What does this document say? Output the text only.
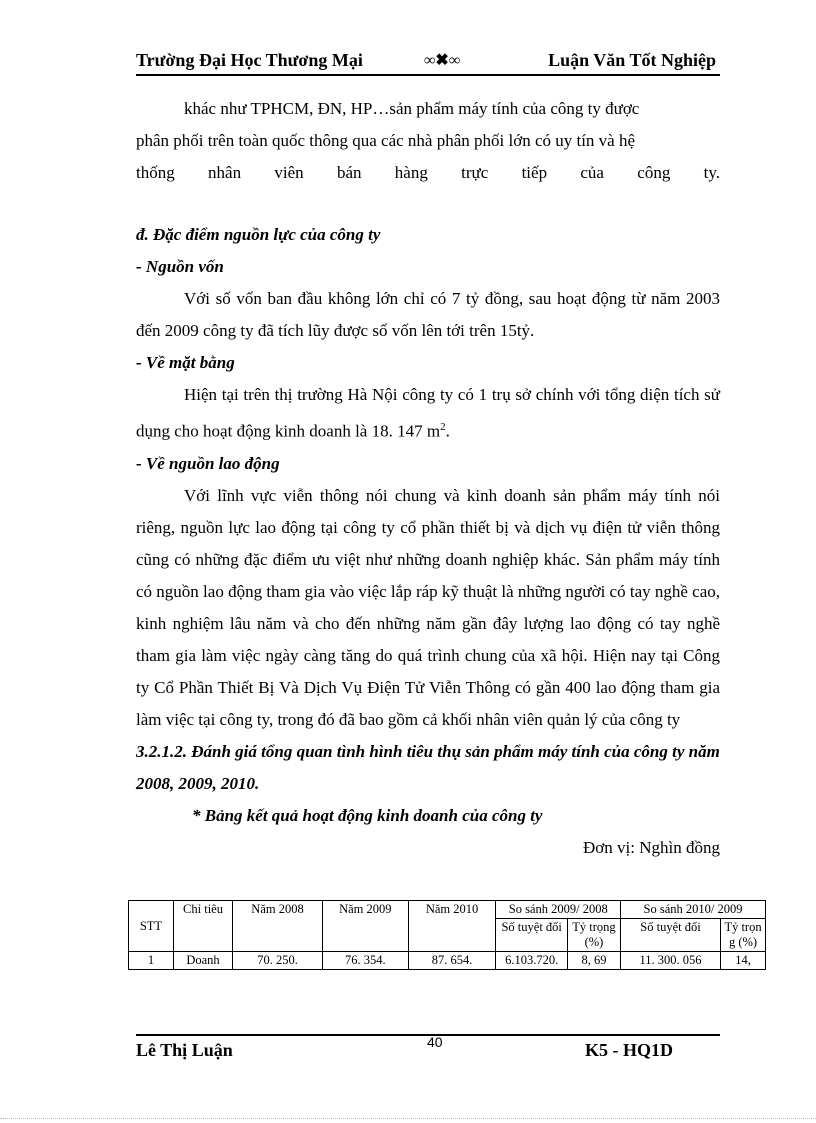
Trường Đại Học Thương Mại	∞✖∞	Luận Văn Tốt Nghiệp

khác như TPHCM, ĐN, HP…sản phẩm máy tính của công ty được

phân phối trên toàn quốc thông qua các nhà phân phối lớn có uy tín và hệ

thống nhân viên bán hàng trực tiếp của công ty.

đ. Đặc điểm nguồn lực của công ty

- Nguồn vốn

Với số vốn ban đầu không lớn chỉ có 7 tỷ đồng, sau hoạt động từ năm 2003 đến 2009 công ty đã tích lũy được số vốn lên tới trên 15tỷ.

- Về mặt bằng

Hiện tại trên thị trường Hà Nội công ty có 1 trụ sở chính với tổng diện tích sử dụng cho hoạt động kinh doanh là 18. 147 $m^2$.

- Về nguồn lao động

Với lĩnh vực viễn thông nói chung và kinh doanh sản phẩm máy tính nói riêng, nguồn lực lao động tại công ty cổ phần thiết bị và dịch vụ điện tử viễn thông cũng có những đặc điểm ưu việt như những doanh nghiệp khác. Sản phẩm máy tính có nguồn lao động tham gia vào việc lắp ráp kỹ thuật là những người có tay nghề cao, kinh nghiệm lâu năm và cho đến những năm gần đây lượng lao động có tay nghề tham gia làm việc ngày càng tăng do quá trình chung của xã hội. Hiện nay tại Công ty Cổ Phần Thiết Bị Và Dịch Vụ Điện Tử Viễn Thông có gần 400 lao động tham gia làm việc tại công ty, trong đó đã bao gồm cả khối nhân viên quản lý của công ty

3.2.1.2. Đánh giá tổng quan tình hình tiêu thụ sản phẩm máy tính của công ty năm 2008, 2009, 2010.

* Bảng kết quả hoạt động kinh doanh của công ty

Đơn vị: Nghìn đồng

STT	Chỉ tiêu	Năm 2008	Năm 2009	Năm 2010	So sánh 2009/ 2008		So sánh 2010/ 2009	
					Số tuyệt đối	Tỷ trọng (%)	Số tuyệt đối	Tỷ trọn g (%)
1	Doanh	70. 250.	76. 354.	87. 654.	6.103.720.	8, 69	11. 300. 056	14,
Lê Thị Luận	40	K5 - HQ1D
